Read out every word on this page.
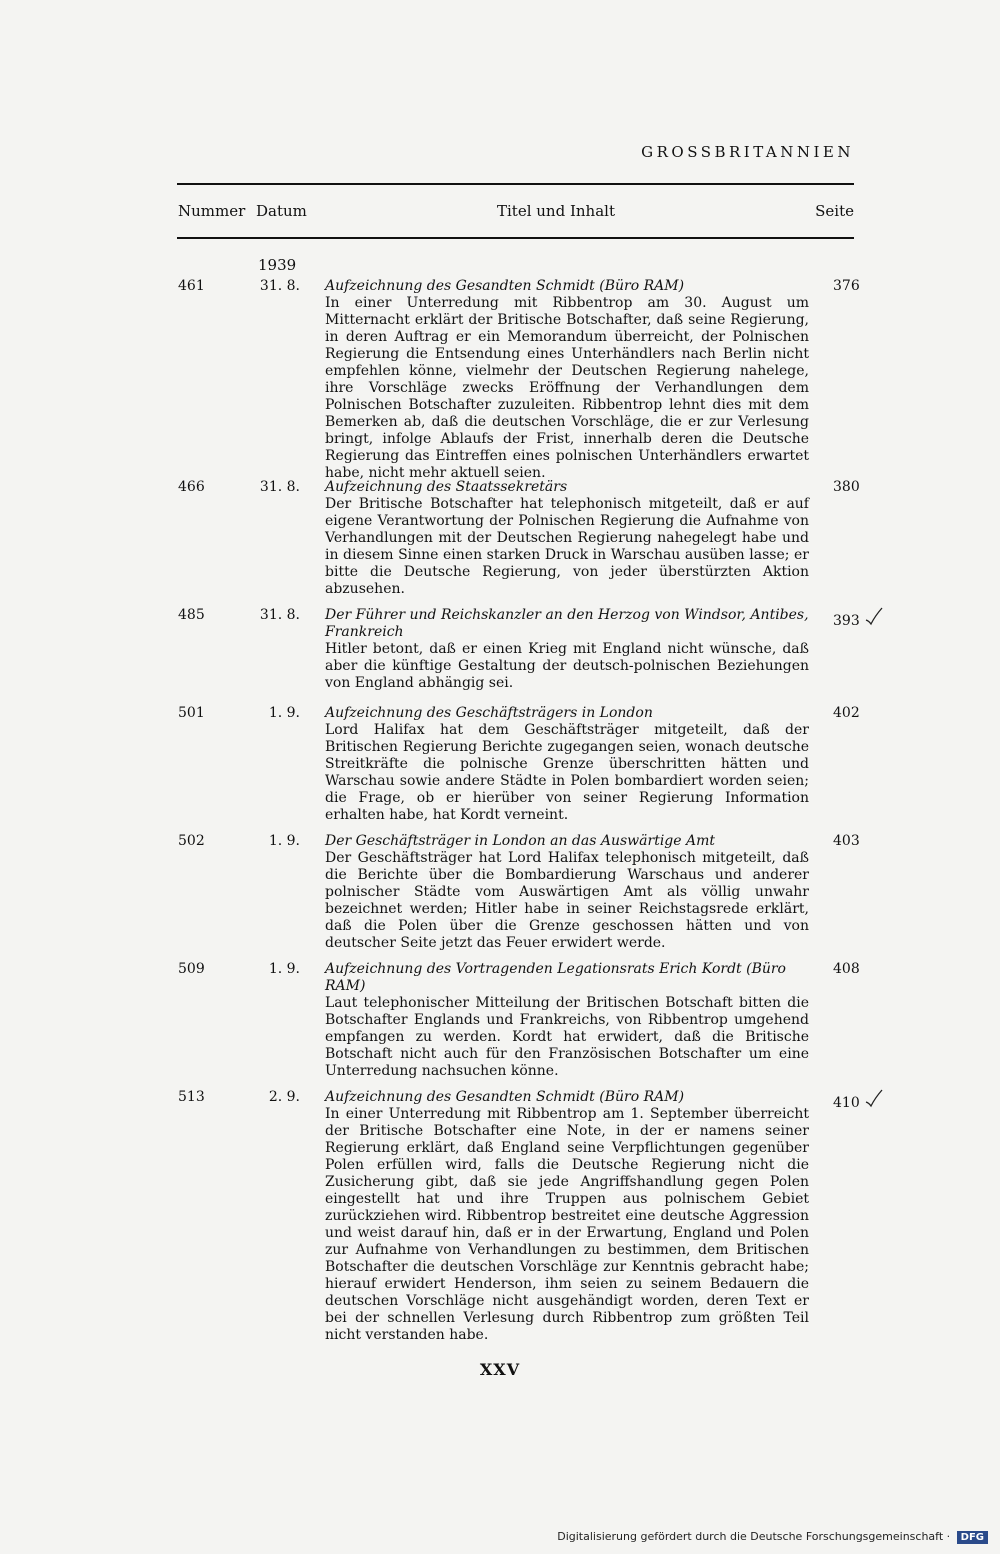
GROSSBRITANNIEN
Nummer Datum	Titel und Inhalt	Seite
1939
461	31. 8. Aufzeichnung des Gesandten Schmidt (Büro RAM)
In einer Unterredung mit Ribbentrop am 30. August um Mitternacht erklärt der Britische Botschafter, daß seine Regierung, in deren Auftrag er ein Memorandum überreicht, der Polnischen Regierung die Entsendung eines Unterhändlers nach Berlin nicht empfehlen könne, vielmehr der Deutschen Regierung nahelege, ihre Vorschläge zwecks Eröffnung der Verhandlungen dem Polnischen Botschafter zuzuleiten. Ribbentrop lehnt dies mit dem Bemerken ab, daß die deutschen Vorschläge, die er zur Verlesung bringt, infolge Ablaufs der Frist, innerhalb deren die Deutsche Regierung das Eintreffen eines polnischen Unterhändlers erwartet habe, nicht mehr aktuell seien.
376
466	31. 8. Aufzeichnung des Staatssekretärs
Der Britische Botschafter hat telephonisch mitgeteilt, daß er auf eigene Verantwortung der Polnischen Regierung die Aufnahme von Verhandlungen mit der Deutschen Regierung nahegelegt habe und in diesem Sinne einen starken Druck in Warschau ausüben lasse; er bitte die Deutsche Regierung, von jeder überstürzten Aktion abzusehen.
380
485	31. 8. Der Führer und Reichskanzler an den Herzog von Windsor, Antibes, Frankreich
Hitler betont, daß er einen Krieg mit England nicht wünsche, daß aber die künftige Gestaltung der deutsch-polnischen Beziehungen von England abhängig sei.
393
501	1. 9. Aufzeichnung des Geschäftsträgers in London
Lord Halifax hat dem Geschäftsträger mitgeteilt, daß der Britischen Regierung Berichte zugegangen seien, wonach deutsche Streitkräfte die polnische Grenze überschritten hätten und Warschau sowie andere Städte in Polen bombardiert worden seien; die Frage, ob er hierüber von seiner Regierung Information erhalten habe, hat Kordt verneint.
402
502	1. 9. Der Geschäftsträger in London an das Auswärtige Amt
Der Geschäftsträger hat Lord Halifax telephonisch mitgeteilt, daß die Berichte über die Bombardierung Warschaus und anderer polnischer Städte vom Auswärtigen Amt als völlig unwahr bezeichnet werden; Hitler habe in seiner Reichstagsrede erklärt, daß die Polen über die Grenze geschossen hätten und von deutscher Seite jetzt das Feuer erwidert werde.
403
509	1. 9. Aufzeichnung des Vortragenden Legationsrats Erich Kordt (Büro RAM)
Laut telephonischer Mitteilung der Britischen Botschaft bitten die Botschafter Englands und Frankreichs, von Ribbentrop umgehend empfangen zu werden. Kordt hat erwidert, daß die Britische Botschaft nicht auch für den Französischen Botschafter um eine Unterredung nachsuchen könne.
408
513	2. 9. Aufzeichnung des Gesandten Schmidt (Büro RAM)
In einer Unterredung mit Ribbentrop am 1. September überreicht der Britische Botschafter eine Note, in der er namens seiner Regierung erklärt, daß England seine Verpflichtungen gegenüber Polen erfüllen wird, falls die Deutsche Regierung nicht die Zusicherung gibt, daß sie jede Angriffshandlung gegen Polen eingestellt hat und ihre Truppen aus polnischem Gebiet zurückziehen wird. Ribbentrop bestreitet eine deutsche Aggression und weist darauf hin, daß er in der Erwartung, England und Polen zur Aufnahme von Verhandlungen zu bestimmen, dem Britischen Botschafter die deutschen Vorschläge zur Kenntnis gebracht habe; hierauf erwidert Henderson, ihm seien zu seinem Bedauern die deutschen Vorschläge nicht ausgehändigt worden, deren Text er bei der schnellen Verlesung durch Ribbentrop zum größten Teil nicht verstanden habe.
410
XXV
Digitalisierung gefördert durch die Deutsche Forschungsgemeinschaft · DFG
